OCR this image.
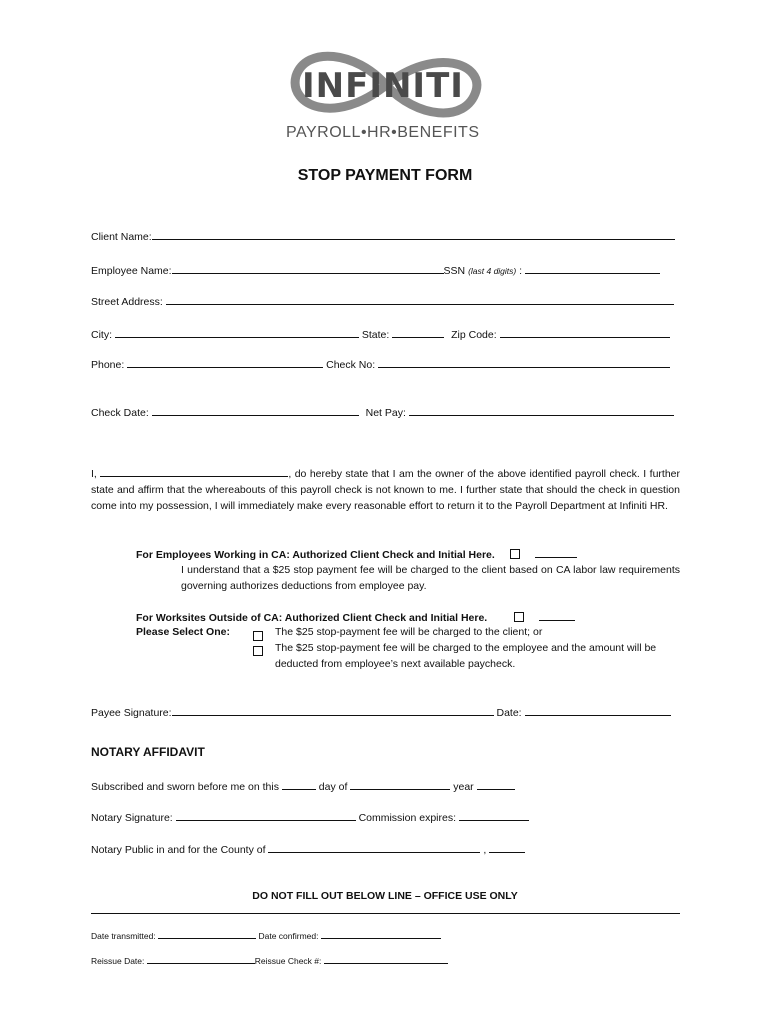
INFINITI
PAYROLL•HR•BENEFITS
STOP PAYMENT FORM
Client Name:
Employee Name:	SSN (last 4 digits) :
Street Address:
City:	State:	Zip Code:
Phone:	Check No:
Check Date:	Net Pay:
I,	, do hereby state that I am the owner of the above identified payroll check. I further state and affirm that the whereabouts of this payroll check is not known to me. I further state that should the check in question come into my possession, I will immediately make every reasonable effort to return it to the Payroll Department at Infiniti HR.
For Employees Working in CA: Authorized Client Check and Initial Here.
I understand that a $25 stop payment fee will be charged to the client based on CA labor law requirements governing authorizes deductions from employee pay.
For Worksites Outside of CA: Authorized Client Check and Initial Here.
Please Select One:	The $25 stop-payment fee will be charged to the client; or
The $25 stop-payment fee will be charged to the employee and the amount will be deducted from employee’s next available paycheck.
Payee Signature:	Date:
NOTARY AFFIDAVIT
Subscribed and sworn before me on this	day of	year
Notary Signature:	Commission expires:
Notary Public in and for the County of	,
DO NOT FILL OUT BELOW LINE – OFFICE USE ONLY
Date transmitted:	Date confirmed:
Reissue Date:	Reissue Check #:
